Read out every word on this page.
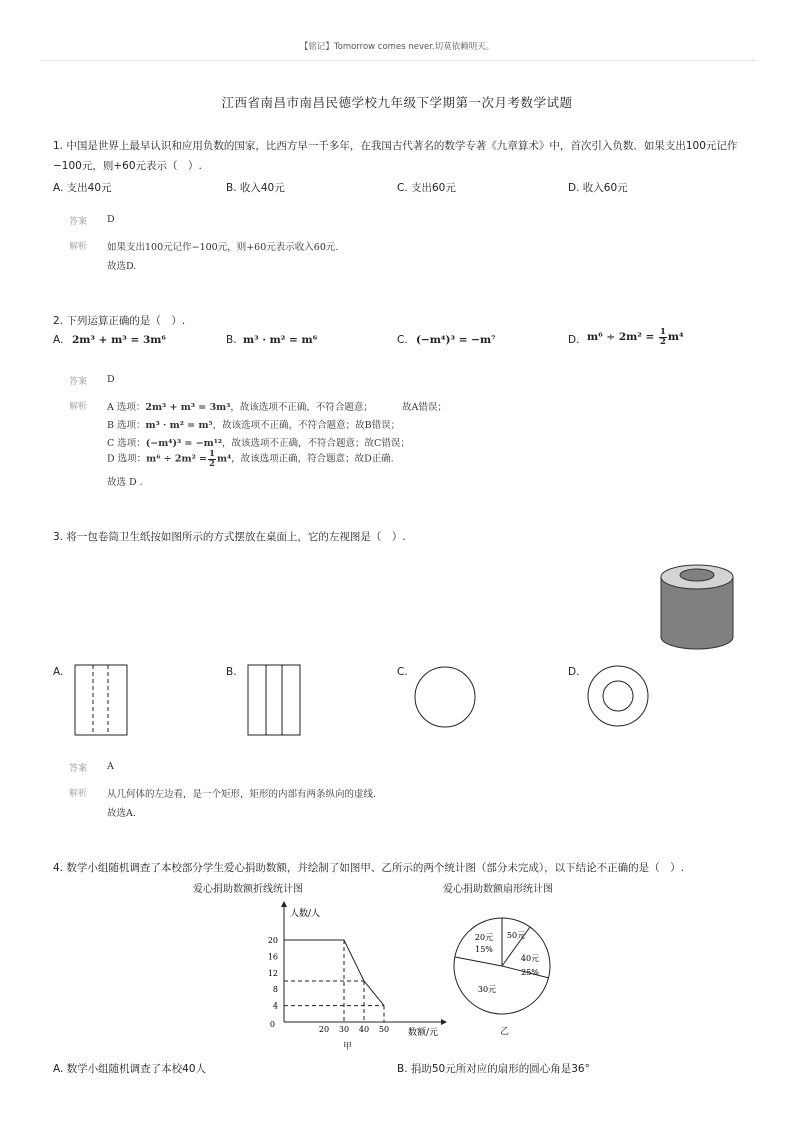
【铭记】Tomorrow comes never.切莫依赖明天。
江西省南昌市南昌民德学校九年级下学期第一次月考数学试题
1. 中国是世界上最早认识和应用负数的国家，比西方早一千多年，在我国古代著名的数学专著《九章算术》中，首次引入负数．如果支出100元记作
−100元，则+60元表示（　）.
A. 支出40元	B. 收入40元	C. 支出60元	D. 收入60元
答案 D
解析 如果支出100元记作−100元，则+60元表示收入60元.
故选D.
2. 下列运算正确的是（　）.
A. 2m³ + m³ = 3m⁶	B. m³ · m² = m⁶	C. (−m⁴)³ = −m⁷	D. $m^6 \div 2m^2 = \frac{1}{2} m^4$
答案 D
解析 A 选项：2m³ + m³ = 3m³，故该选项不正确，不符合题意；	故A错误；
B 选项：m³ · m² = m⁵，故该选项不正确，不符合题意；故B错误；
C 选项：(−m⁴)³ = −m¹²，故该选项不正确，不符合题意；故C错误；
D 选项：$m^6 \div 2m^2 = \frac{1}{2} m^4$，故该选项正确，符合题意；故D正确.
故选 D .
3. 将一包卷筒卫生纸按如图所示的方式摆放在桌面上，它的左视图是（　）.
A.	B.	C.	D.
答案 A
解析 从几何体的左边看，是一个矩形，矩形的内部有两条纵向的虚线.
故选A.
4. 数学小组随机调查了本校部分学生爱心捐助数额，并绘制了如图甲、乙所示的两个统计图（部分未完成），以下结论不正确的是（　）.
爱心捐助数额折线统计图	爱心捐助数额扇形统计图
4
8
12
16
20
20 30 40 50
人数/人
数额/元
0
甲
20元
15%
50元
40元
25%
30元
乙
A. 数学小组随机调查了本校40人	B. 捐助50元所对应的扇形的圆心角是36°
